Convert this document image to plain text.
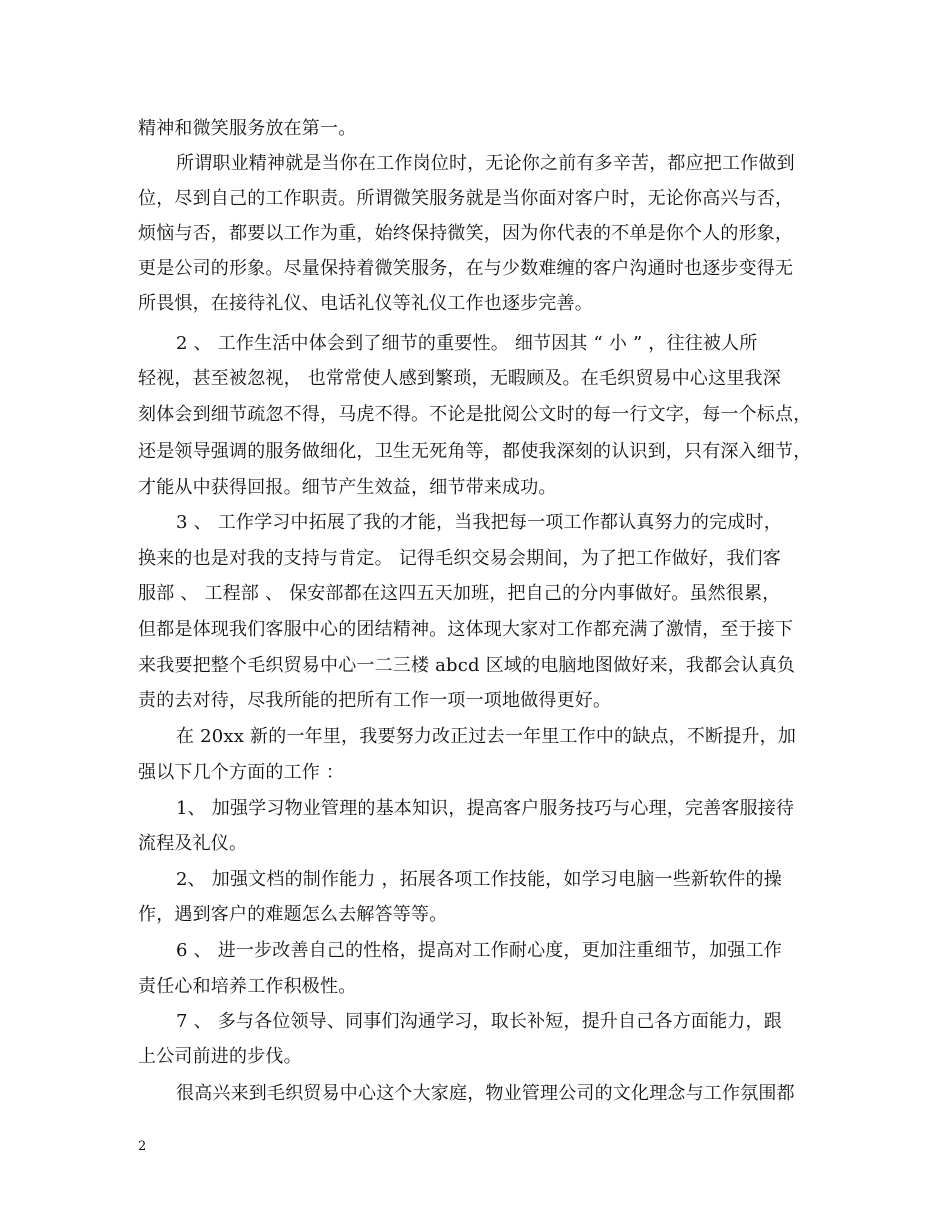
精神和微笑服务放在第一。
所谓职业精神就是当你在工作岗位时，无论你之前有多辛苦，都应把工作做到
位，尽到自己的工作职责。所谓微笑服务就是当你面对客户时，无论你高兴与否，
烦恼与否，都要以工作为重，始终保持微笑，因为你代表的不单是你个人的形象，
更是公司的形象。尽量保持着微笑服务，在与少数难缠的客户沟通时也逐步变得无
所畏惧，在接待礼仪、电话礼仪等礼仪工作也逐步完善。
2 、 工作生活中体会到了细节的重要性。 细节因其 “ 小 ” ，往往被人所
轻视，甚至被忽视， 也常常使人感到繁琐，无暇顾及。在毛织贸易中心这里我深
刻体会到细节疏忽不得，马虎不得。不论是批阅公文时的每一行文字，每一个标点，
还是领导强调的服务做细化，卫生无死角等，都使我深刻的认识到，只有深入细节，
才能从中获得回报。细节产生效益，细节带来成功。
3 、 工作学习中拓展了我的才能，当我把每一项工作都认真努力的完成时，
换来的也是对我的支持与肯定。 记得毛织交易会期间，为了把工作做好，我们客
服部 、 工程部 、 保安部都在这四五天加班，把自己的分内事做好。虽然很累，
但都是体现我们客服中心的团结精神。这体现大家对工作都充满了激情，至于接下
来我要把整个毛织贸易中心一二三楼 abcd 区域的电脑地图做好来，我都会认真负
责的去对待，尽我所能的把所有工作一项一项地做得更好。
在 20xx 新的一年里，我要努力改正过去一年里工作中的缺点，不断提升，加
强以下几个方面的工作 ：
1、 加强学习物业管理的基本知识，提高客户服务技巧与心理，完善客服接待
流程及礼仪。
2、 加强文档的制作能力 ，拓展各项工作技能，如学习电脑一些新软件的操
作，遇到客户的难题怎么去解答等等。
6 、 进一步改善自己的性格，提高对工作耐心度，更加注重细节，加强工作
责任心和培养工作积极性。
7 、 多与各位领导、同事们沟通学习，取长补短，提升自己各方面能力，跟
上公司前进的步伐。
很高兴来到毛织贸易中心这个大家庭，物业管理公司的文化理念与工作氛围都
2
